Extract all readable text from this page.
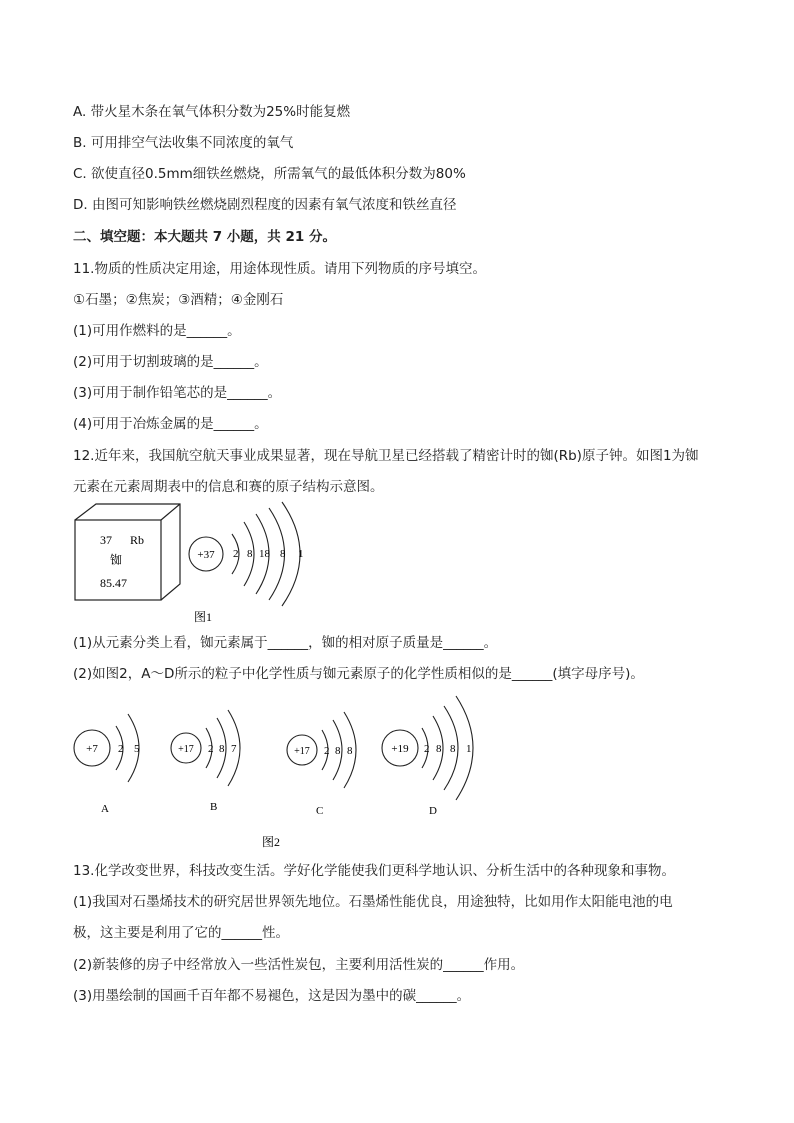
A. 带火星木条在氧气体积分数为25%时能复燃
B. 可用排空气法收集不同浓度的氧气
C. 欲使直径0.5mm细铁丝燃烧，所需氧气的最低体积分数为80%
D. 由图可知影响铁丝燃烧剧烈程度的因素有氧气浓度和铁丝直径
二、填空题：本大题共 7 小题，共 21 分。
11.物质的性质决定用途，用途体现性质。请用下列物质的序号填空。
①石墨；②焦炭；③酒精；④金刚石
(1)可用作燃料的是______。
(2)可用于切割玻璃的是______。
(3)可用于制作铅笔芯的是______。
(4)可用于冶炼金属的是______。
12.近年来，我国航空航天事业成果显著，现在导航卫星已经搭载了精密计时的铷(Rb)原子钟。如图1为铷
元素在元素周期表中的信息和赛的原子结构示意图。
37 Rb
铷
85.47
+37 2 8 18 8 1
图1
(1)从元素分类上看，铷元素属于______，铷的相对原子质量是______。
(2)如图2，A～D所示的粒子中化学性质与铷元素原子的化学性质相似的是______(填字母序号)。
+7 2 5
A
+17 2 8 7
B
+17 2 8 8
C
+19 2 8 8 1
D
图2
13.化学改变世界，科技改变生活。学好化学能使我们更科学地认识、分析生活中的各种现象和事物。
(1)我国对石墨烯技术的研究居世界领先地位。石墨烯性能优良，用途独特，比如用作太阳能电池的电
极，这主要是利用了它的______性。
(2)新装修的房子中经常放入一些活性炭包，主要利用活性炭的______作用。
(3)用墨绘制的国画千百年都不易褪色，这是因为墨中的碳______。
